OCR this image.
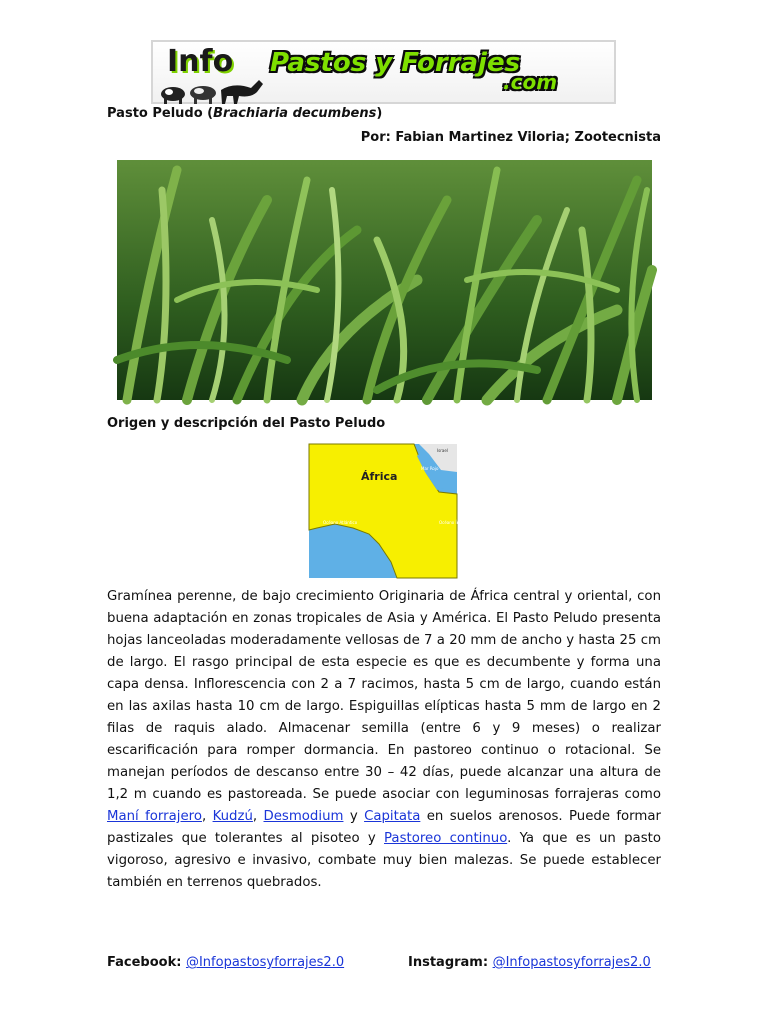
Info Pastos y Forrajes
.com
Pasto Peludo (Brachiaria decumbens)
Por: Fabian Martinez Viloria; Zootecnista
Origen y descripción del Pasto Peludo
África
Océano Atlántico
Mar Rojo
Océano Índico
Israel
Gramínea perenne, de bajo crecimiento Originaria de África central y oriental, con buena adaptación en zonas tropicales de Asia y América. El Pasto Peludo presenta hojas lanceoladas moderadamente vellosas de 7 a 20 mm de ancho y hasta 25 cm de largo. El rasgo principal de esta especie es que es decumbente y forma una capa densa. Inflorescencia con 2 a 7 racimos, hasta 5 cm de largo, cuando están en las axilas hasta 10 cm de largo. Espiguillas elípticas hasta 5 mm de largo en 2 filas de raquis alado. Almacenar semilla (entre 6 y 9 meses) o realizar escarificación para romper dormancia. En pastoreo continuo o rotacional. Se manejan períodos de descanso entre 30 – 42 días, puede alcanzar una altura de 1,2 m cuando es pastoreada. Se puede asociar con leguminosas forrajeras como Maní forrajero, Kudzú, Desmodium y Capitata en suelos arenosos. Puede formar pastizales que tolerantes al pisoteo y Pastoreo continuo. Ya que es un pasto vigoroso, agresivo e invasivo, combate muy bien malezas. Se puede establecer también en terrenos quebrados.
Facebook: @Infopastosyforrajes2.0	Instagram: @Infopastosyforrajes2.0
